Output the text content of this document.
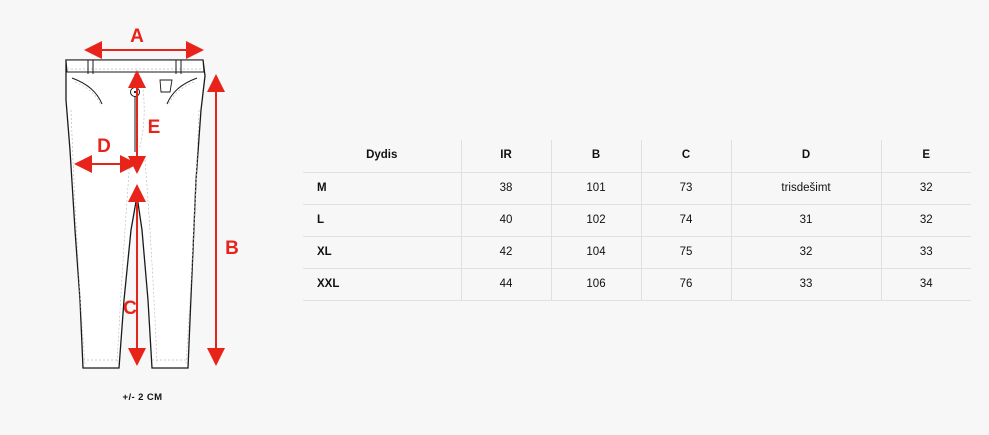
A
B
C
D
E
+/- 2 CM
Dydis	IR	B	C	D	E
M	38	101	73	trisdešimt	32
L	40	102	74	31	32
XL	42	104	75	32	33
XXL	44	106	76	33	34
